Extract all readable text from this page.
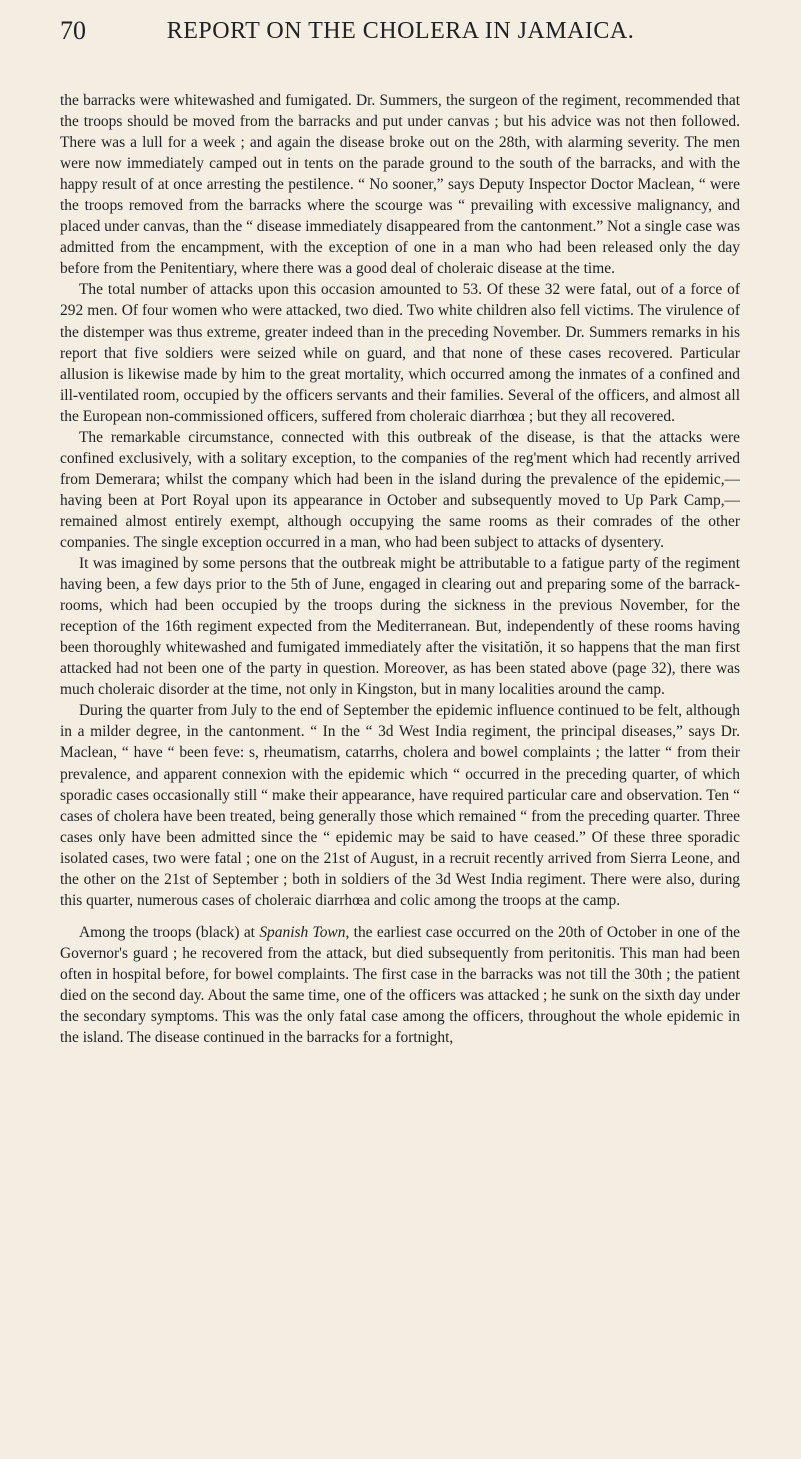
70	REPORT ON THE CHOLERA IN JAMAICA.

the barracks were whitewashed and fumigated. Dr. Summers, the surgeon of the regiment, recommended that the troops should be moved from the barracks and put under canvas ; but his advice was not then followed. There was a lull for a week ; and again the disease broke out on the 28th, with alarming severity. The men were now immediately camped out in tents on the parade ground to the south of the barracks, and with the happy result of at once arresting the pestilence. “ No sooner,” says Deputy Inspector Doctor Maclean, “ were the troops removed from the barracks where the scourge was “ prevailing with excessive malignancy, and placed under canvas, than the “ disease immediately disappeared from the cantonment.” Not a single case was admitted from the encampment, with the exception of one in a man who had been released only the day before from the Penitentiary, where there was a good deal of choleraic disease at the time.

The total number of attacks upon this occasion amounted to 53. Of these 32 were fatal, out of a force of 292 men. Of four women who were attacked, two died. Two white children also fell victims. The virulence of the distemper was thus extreme, greater indeed than in the preceding November. Dr. Summers remarks in his report that five soldiers were seized while on guard, and that none of these cases recovered. Particular allusion is likewise made by him to the great mortality, which occurred among the inmates of a confined and ill-ventilated room, occupied by the officers servants and their families. Several of the officers, and almost all the European non-commissioned officers, suffered from choleraic diarrhœa ; but they all recovered.

The remarkable circumstance, connected with this outbreak of the disease, is that the attacks were confined exclusively, with a solitary exception, to the companies of the reg'ment which had recently arrived from Demerara; whilst the company which had been in the island during the prevalence of the epidemic,— having been at Port Royal upon its appearance in October and subsequently moved to Up Park Camp,—remained almost entirely exempt, although occupying the same rooms as their comrades of the other companies. The single exception occurred in a man, who had been subject to attacks of dysentery.

It was imagined by some persons that the outbreak might be attributable to a fatigue party of the regiment having been, a few days prior to the 5th of June, engaged in clearing out and preparing some of the barrack-rooms, which had been occupied by the troops during the sickness in the previous November, for the reception of the 16th regiment expected from the Mediterranean. But, independently of these rooms having been thoroughly whitewashed and fumigated immediately after the visitatiŏn, it so happens that the man first attacked had not been one of the party in question. Moreover, as has been stated above (page 32), there was much choleraic disorder at the time, not only in Kingston, but in many localities around the camp.

During the quarter from July to the end of September the epidemic influence continued to be felt, although in a milder degree, in the cantonment. “ In the “ 3d West India regiment, the principal diseases,” says Dr. Maclean, “ have “ been feve: s, rheumatism, catarrhs, cholera and bowel complaints ; the latter “ from their prevalence, and apparent connexion with the epidemic which “ occurred in the preceding quarter, of which sporadic cases occasionally still “ make their appearance, have required particular care and observation. Ten “ cases of cholera have been treated, being generally those which remained “ from the preceding quarter. Three cases only have been admitted since the “ epidemic may be said to have ceased.” Of these three sporadic isolated cases, two were fatal ; one on the 21st of August, in a recruit recently arrived from Sierra Leone, and the other on the 21st of September ; both in soldiers of the 3d West India regiment. There were also, during this quarter, numerous cases of choleraic diarrhœa and colic among the troops at the camp.

Among the troops (black) at Spanish Town, the earliest case occurred on the 20th of October in one of the Governor's guard ; he recovered from the attack, but died subsequently from peritonitis. This man had been often in hospital before, for bowel complaints. The first case in the barracks was not till the 30th ; the patient died on the second day. About the same time, one of the officers was attacked ; he sunk on the sixth day under the secondary symptoms. This was the only fatal case among the officers, throughout the whole epidemic in the island. The disease continued in the barracks for a fortnight,
